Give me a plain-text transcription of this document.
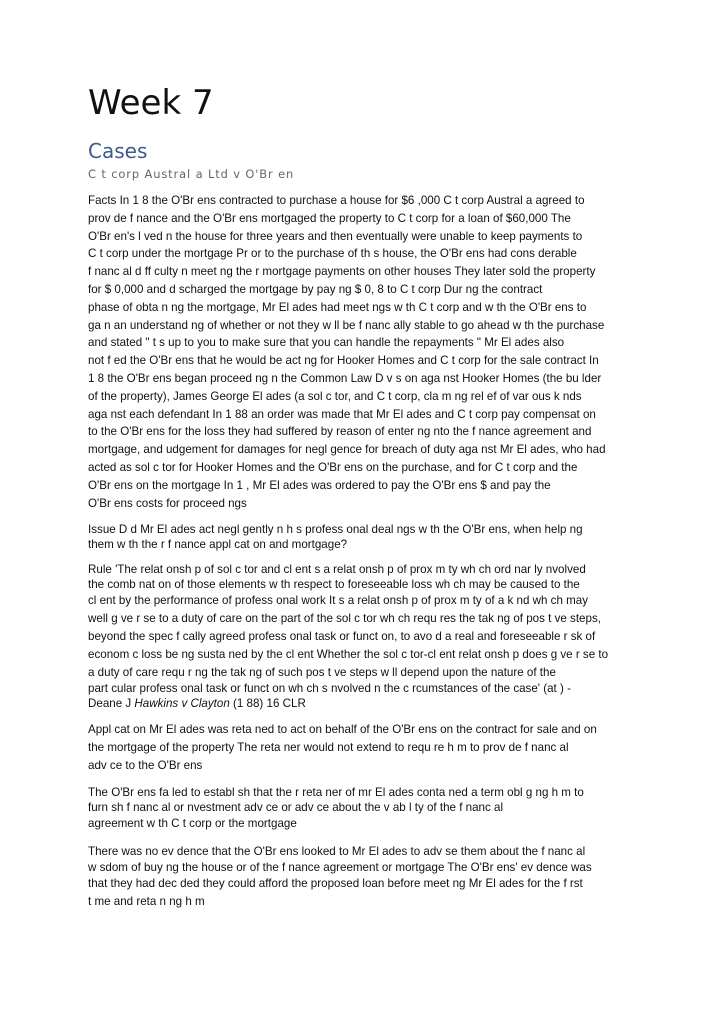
Week 7
Cases
C t corp Austral a Ltd v O'Br en
Facts In 1 8 the O'Br ens contracted to purchase a house for $6 ,000 C t corp Austral a agreed to
prov de f nance and the O'Br ens mortgaged the property to C t corp for a loan of $60,000 The
O'Br en's l ved n the house for three years and then eventually were unable to keep payments to
C t corp under the mortgage Pr or to the purchase of th s house, the O'Br ens had cons derable
f nanc al d ff culty n meet ng the r mortgage payments on other houses They later sold the property
for $ 0,000 and d scharged the mortgage by pay ng $ 0, 8 to C t corp Dur ng the contract
phase of obta n ng the mortgage, Mr El ades had meet ngs w th C t corp and w th the O'Br ens to
ga n an understand ng of whether or not they w ll be f nanc ally stable to go ahead w th the purchase
and stated " t s up to you to make sure that you can handle the repayments " Mr El ades also
not f ed the O'Br ens that he would be act ng for Hooker Homes and C t corp for the sale contract In
1 8 the O'Br ens began proceed ng n the Common Law D v s on aga nst Hooker Homes (the bu lder
of the property), James George El ades (a sol c tor, and C t corp, cla m ng rel ef of var ous k nds
aga nst each defendant In 1 88 an order was made that Mr El ades and C t corp pay compensat on
to the O'Br ens for the loss they had suffered by reason of enter ng nto the f nance agreement and
mortgage, and udgement for damages for negl gence for breach of duty aga nst Mr El ades, who had
acted as sol c tor for Hooker Homes and the O'Br ens on the purchase, and for C t corp and the
O'Br ens on the mortgage In 1 , Mr El ades was ordered to pay the O'Br ens $ and pay the
O'Br ens costs for proceed ngs
Issue D d Mr El ades act negl gently n h s profess onal deal ngs w th the O'Br ens, when help ng
them w th the r f nance appl cat on and mortgage?
Rule 'The relat onsh p of sol c tor and cl ent s a relat onsh p of prox m ty wh ch ord nar ly nvolved
the comb nat on of those elements w th respect to foreseeable loss wh ch may be caused to the
cl ent by the performance of profess onal work It s a relat onsh p of prox m ty of a k nd wh ch may
well g ve r se to a duty of care on the part of the sol c tor wh ch requ res the tak ng of pos t ve steps,
beyond the spec f cally agreed profess onal task or funct on, to avo d a real and foreseeable r sk of
econom c loss be ng susta ned by the cl ent Whether the sol c tor-cl ent relat onsh p does g ve r se to
a duty of care requ r ng the tak ng of such pos t ve steps w ll depend upon the nature of the
part cular profess onal task or funct on wh ch s nvolved n the c rcumstances of the case' (at ) -
Deane J Hawkins v Clayton (1 88) 16 CLR
Appl cat on Mr El ades was reta ned to act on behalf of the O'Br ens on the contract for sale and on
the mortgage of the property The reta ner would not extend to requ re h m to prov de f nanc al
adv ce to the O'Br ens
The O'Br ens fa led to establ sh that the r reta ner of mr El ades conta ned a term obl g ng h m to
furn sh f nanc al or nvestment adv ce or adv ce about the v ab l ty of the f nanc al
agreement w th C t corp or the mortgage
There was no ev dence that the O'Br ens looked to Mr El ades to adv se them about the f nanc al
w sdom of buy ng the house or of the f nance agreement or mortgage The O'Br ens' ev dence was
that they had dec ded they could afford the proposed loan before meet ng Mr El ades for the f rst
t me and reta n ng h m
